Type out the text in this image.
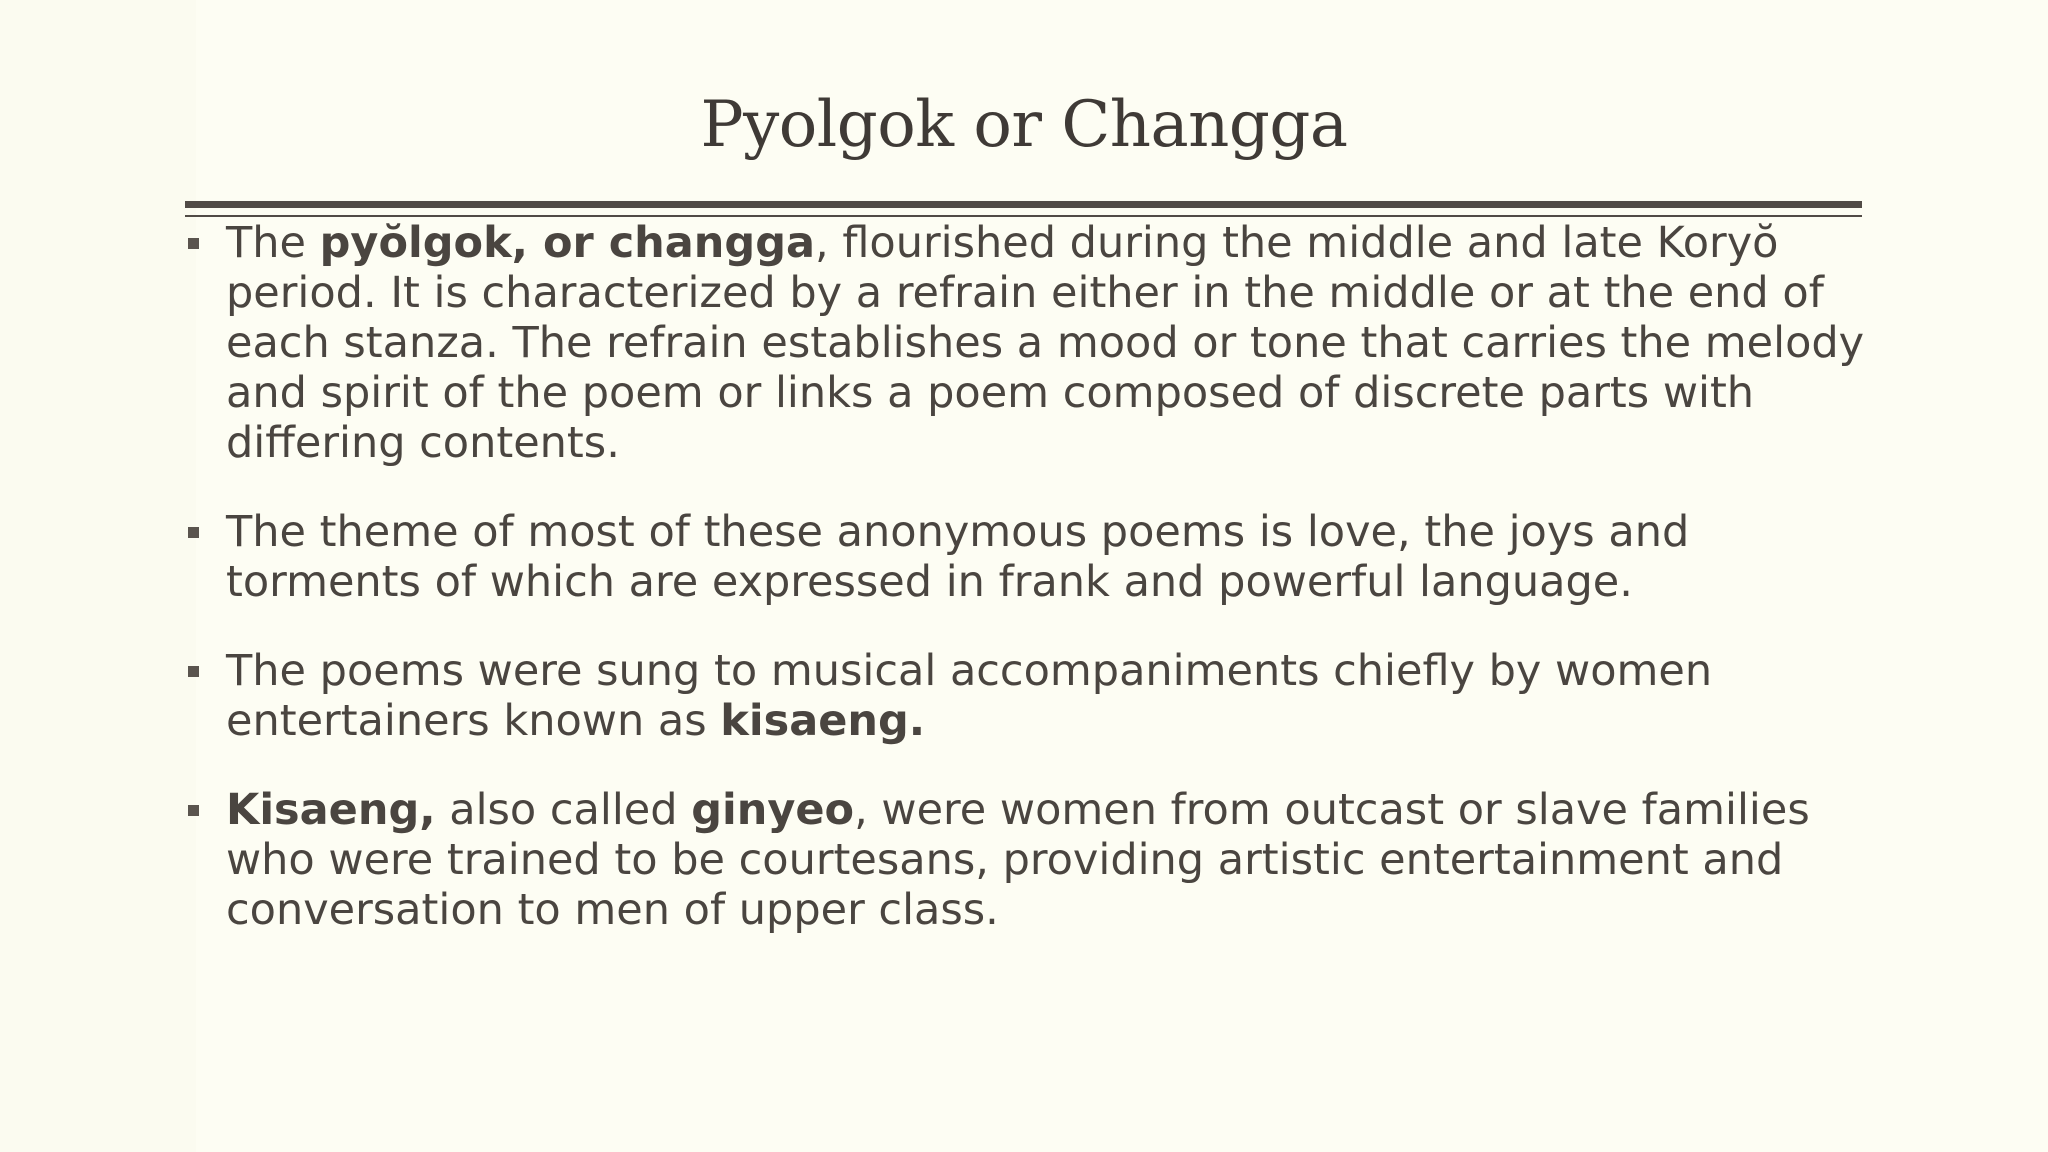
Pyolgok or Changga
The pyŏlgok, or changga, flourished during the middle and late Koryŏ period. It is characterized by a refrain either in the middle or at the end of each stanza. The refrain establishes a mood or tone that carries the melody and spirit of the poem or links a poem composed of discrete parts with differing contents.
The theme of most of these anonymous poems is love, the joys and torments of which are expressed in frank and powerful language.
The poems were sung to musical accompaniments chiefly by women entertainers known as kisaeng.
Kisaeng, also called ginyeo, were women from outcast or slave families who were trained to be courtesans, providing artistic entertainment and conversation to men of upper class.
